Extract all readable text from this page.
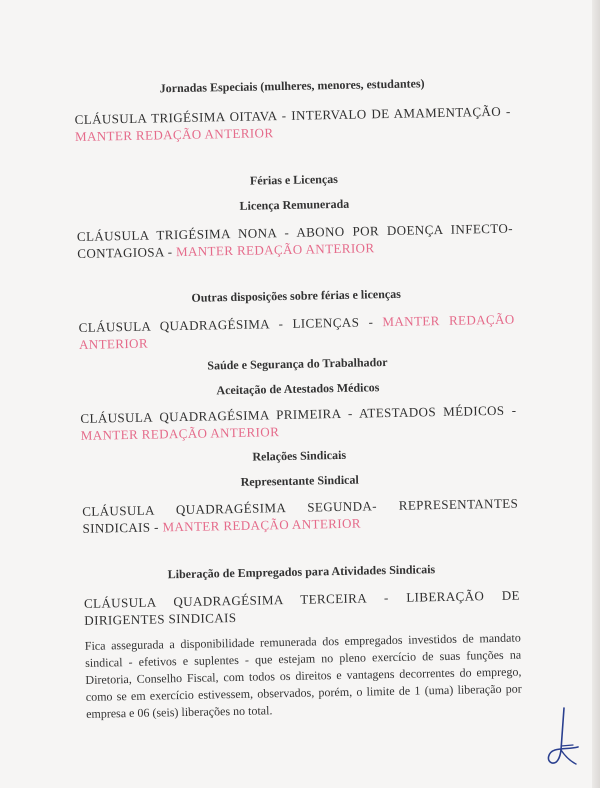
Jornadas Especiais (mulheres, menores, estudantes)

CLÁUSULA TRIGÉSIMA OITAVA - INTERVALO DE AMAMENTAÇÃO - MANTER REDAÇÃO ANTERIOR

Férias e Licenças

Licença Remunerada

CLÁUSULA TRIGÉSIMA NONA - ABONO POR DOENÇA INFECTO-CONTAGIOSA - MANTER REDAÇÃO ANTERIOR

Outras disposições sobre férias e licenças

CLÁUSULA QUADRAGÉSIMA - LICENÇAS - MANTER REDAÇÃO ANTERIOR

Saúde e Segurança do Trabalhador

Aceitação de Atestados Médicos

CLÁUSULA QUADRAGÉSIMA PRIMEIRA - ATESTADOS MÉDICOS - MANTER REDAÇÃO ANTERIOR

Relações Sindicais

Representante Sindical

CLÁUSULA QUADRAGÉSIMA SEGUNDA- REPRESENTANTES SINDICAIS - MANTER REDAÇÃO ANTERIOR

Liberação de Empregados para Atividades Sindicais

CLÁUSULA QUADRAGÉSIMA TERCEIRA - LIBERAÇÃO DE DIRIGENTES SINDICAIS

Fica assegurada a disponibilidade remunerada dos empregados investidos de mandato sindical - efetivos e suplentes - que estejam no pleno exercício de suas funções na Diretoria, Conselho Fiscal, com todos os direitos e vantagens decorrentes do emprego, como se em exercício estivessem, observados, porém, o limite de 1 (uma) liberação por empresa e 06 (seis) liberações no total.
